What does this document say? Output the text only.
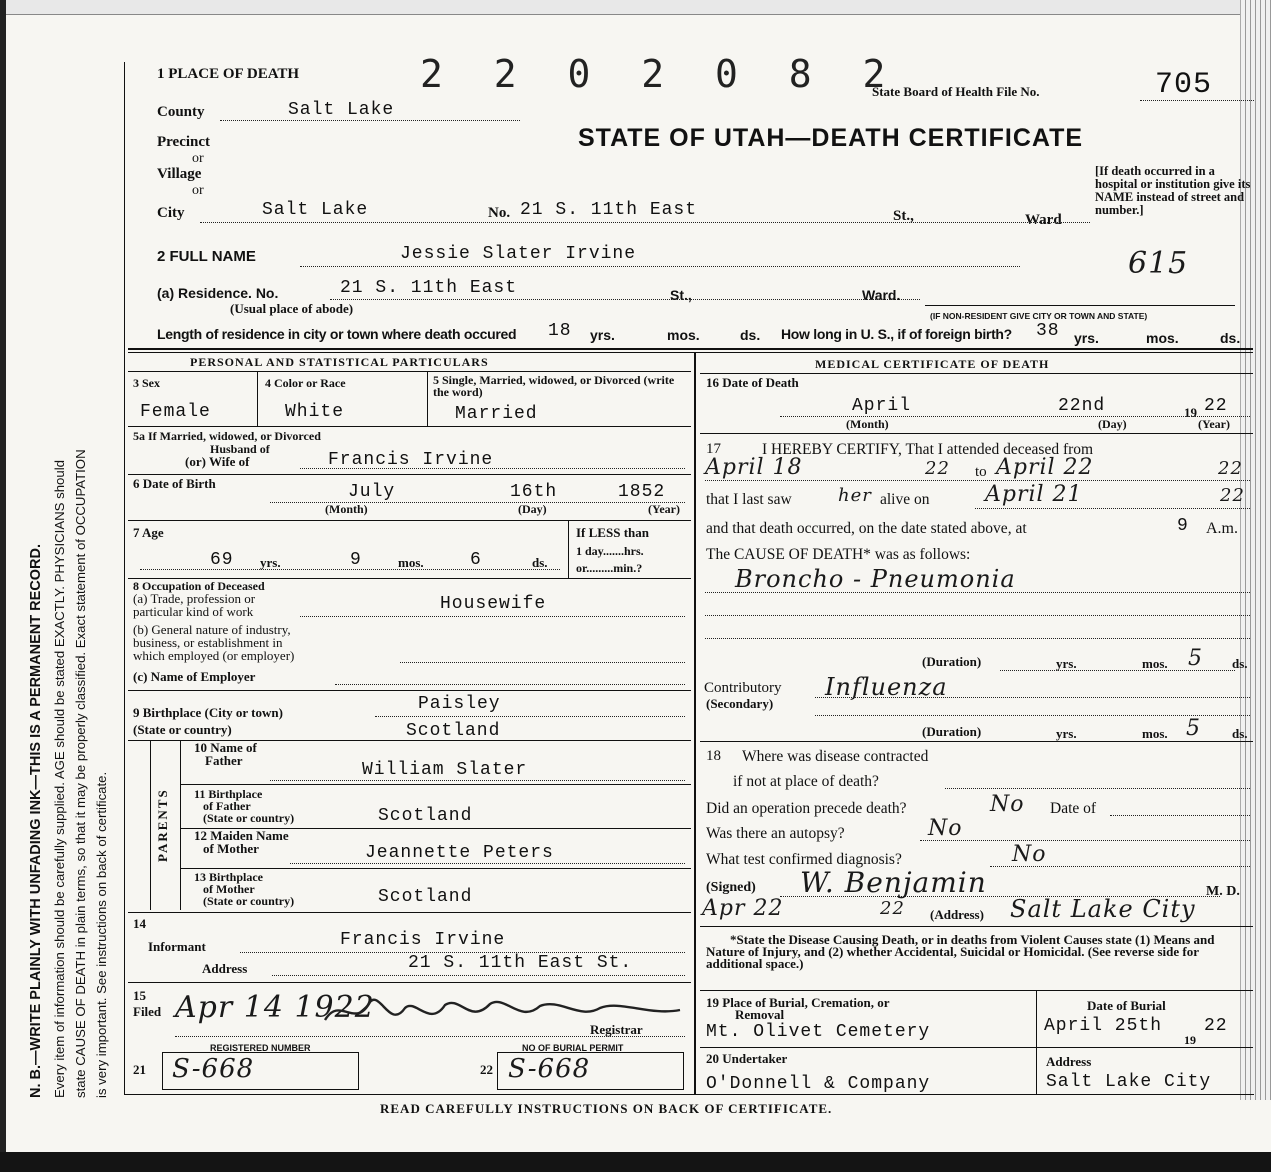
N. B.—WRITE PLAINLY WITH UNFADING INK—THIS IS A PERMANENT RECORD. Every item of information should be carefully supplied. AGE should be stated EXACTLY. PHYSICIANS should state CAUSE OF DEATH in plain terms, so that it may be properly classified. Exact statement of OCCUPATION is very important. See instructions on back of certificate.
1 PLACE OF DEATH	2 2 0 2 0 8 2
State Board of Health File No.	705
County	Salt Lake
STATE OF UTAH—DEATH CERTIFICATE
Precinct
or
Village
or
City	Salt Lake	No. 21 S. 11th East	St.,	Ward
[If death occurred in a hospital or institution give its NAME instead of street and number.]
615
2 FULL NAME	Jessie Slater Irvine
(a) Residence. No.	21 S. 11th East	St.,	Ward.
(Usual place of abode)	(IF NON-RESIDENT GIVE CITY OR TOWN AND STATE)
Length of residence in city or town where death occured 18 yrs.	mos.	ds. How long in U. S., if of foreign birth? 38 yrs.	mos.	ds.
PERSONAL AND STATISTICAL PARTICULARS	MEDICAL CERTIFICATE OF DEATH
3 Sex	4 Color or Race	5 Single, Married, widowed, or Divorced (write the word)
Female	White	Married
5a If Married, widowed, or Divorced
Husband of
(or) Wife of	Francis Irvine
6 Date of Birth	July	16th	1852
(Month)	(Day)	(Year)
7 Age
69 yrs.	9	mos.	6	ds.
If LESS than
1 day.......hrs.
or.........min.?
8 Occupation of Deceased
(a) Trade, profession or
particular kind of work	Housewife
(b) General nature of industry,
business, or establishment in
which employed (or employer)
(c) Name of Employer
9 Birthplace (City or town)
(State or country)
Paisley
Scotland
PARENTS
10 Name of
Father	William Slater
11 Birthplace
of Father
(State or country)	Scotland
12 Maiden Name
of Mother	Jeannette Peters
13 Birthplace
of Mother
(State or country)	Scotland
14
Informant	Francis Irvine
Address	21 S. 11th East St.
15
Filed Apr 14 1922
Registrar
REGISTERED NUMBER
21 S-668
NO OF BURIAL PERMIT
22 S-668
16 Date of Death
April	22nd	19 22
(Month)	(Day)	(Year)
17	I HEREBY CERTIFY, That I attended deceased from
April 18	22 to April 22	22
that I last saw	her alive on	April 21	22
and that death occurred, on the date stated above, at	9 A.m.
The CAUSE OF DEATH* was as follows:
Broncho - Pneumonia
(Duration)	yrs.	mos. 5 ds.
Contributory
(Secondary)
Influenza
(Duration)	yrs.	mos. 5 ds.
18 Where was disease contracted
if not at place of death?
Did an operation precede death?	No Date of
Was there an autopsy?	No
What test confirmed diagnosis?	No
(Signed) W. Benjamin	M. D.
Apr 22	22 (Address) Salt Lake City
*State the Disease Causing Death, or in deaths from Violent Causes state (1) Means and Nature of Injury, and (2) whether Accidental, Suicidal or Homicidal. (See reverse side for additional space.)
19 Place of Burial, Cremation, or
Removal
Mt. Olivet Cemetery
Date of Burial
April 25th
19
22
20 Undertaker
O'Donnell & Company
Address
Salt Lake City
READ CAREFULLY INSTRUCTIONS ON BACK OF CERTIFICATE.
